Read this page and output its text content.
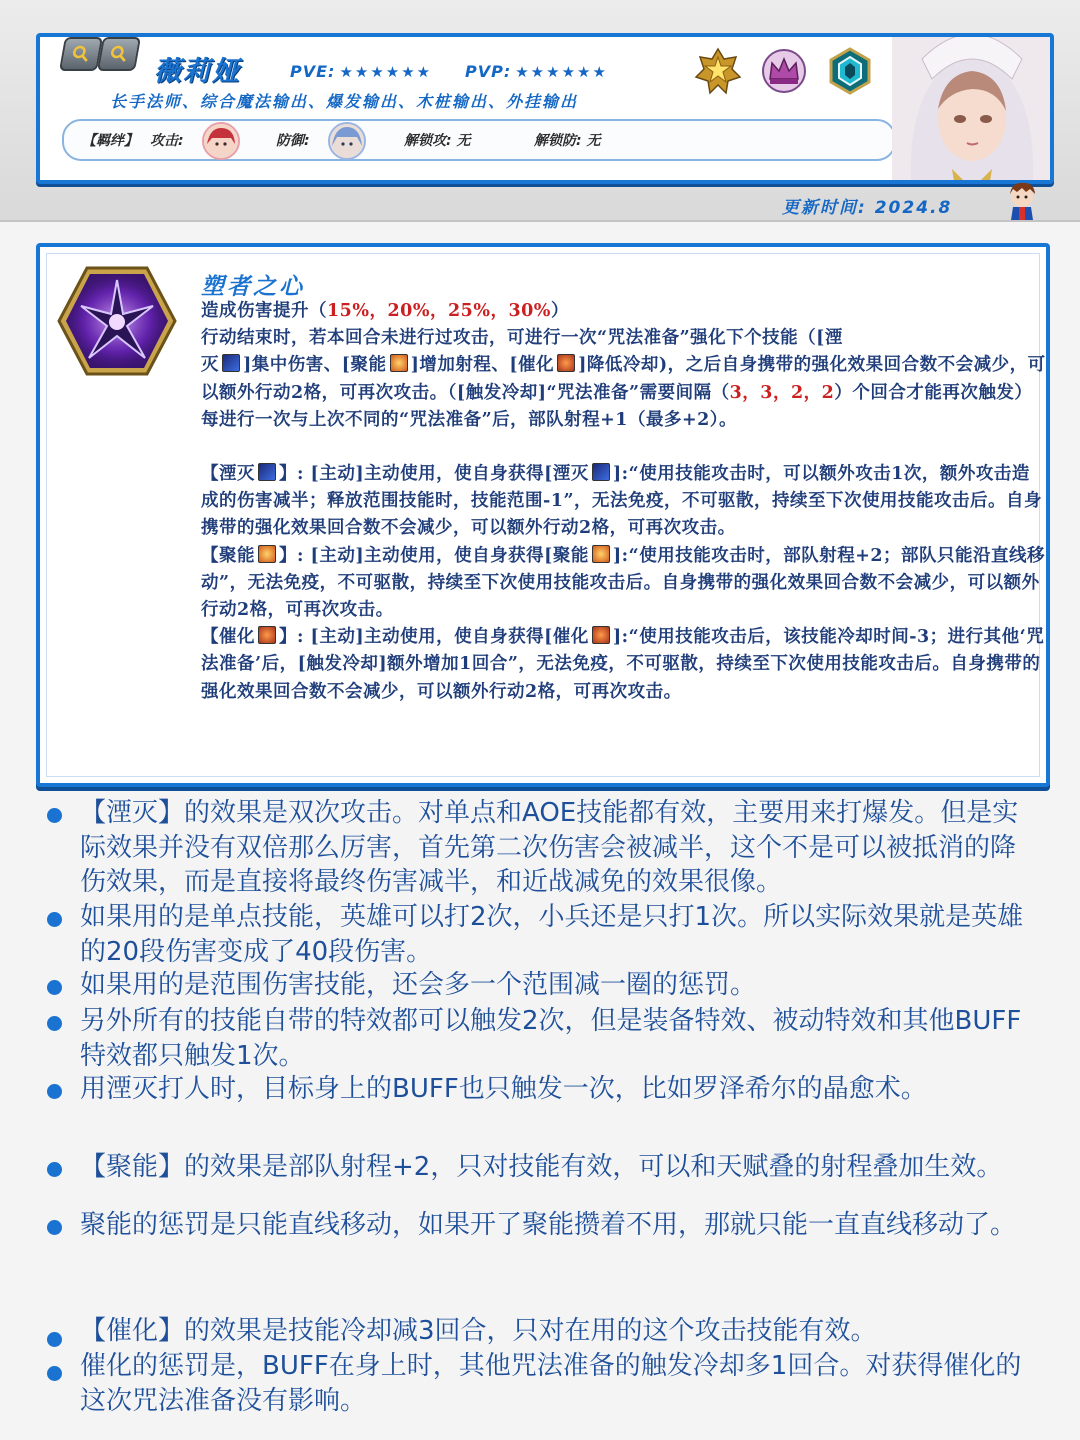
薇莉娅	PVE: ★★★★★★ PVP: ★★★★★★
长手法师、综合魔法输出、爆发输出、木桩输出、外挂输出
【羁绊】 攻击:	防御:	解锁攻: 无	解锁防: 无
更新时间: 2024.8
塑者之心

造成伤害提升（15%，20%，25%，30%）

行动结束时，若本回合未进行过攻击，可进行一次“咒法准备”强化下个技能（[湮
灭 ]集中伤害、[聚能 ]增加射程、[催化 ]降低冷却)，之后自身携带的强化效果回合数不会减少，可以额外行动2格，可再次攻击。（[触发冷却]“咒法准备”需要间隔（3，3，2，2）个回合才能再次触发）每进行一次与上次不同的“咒法准备”后，部队射程+1（最多+2）。

【湮灭 】: [主动]主动使用，使自身获得[湮灭 ]:“使用技能攻击时，可以额外攻击1次，额外攻击造成的伤害减半；释放范围技能时，技能范围-1”，无法免疫，不可驱散，持续至下次使用技能攻击后。自身携带的强化效果回合数不会减少，可以额外行动2格，可再次攻击。

【聚能 】: [主动]主动使用，使自身获得[聚能 ]:“使用技能攻击时，部队射程+2；部队只能沿直线移动”，无法免疫，不可驱散，持续至下次使用技能攻击后。自身携带的强化效果回合数不会减少，可以额外行动2格，可再次攻击。

【催化 】: [主动]主动使用，使自身获得[催化 ]:“使用技能攻击后，该技能冷却时间-3；进行其他‘咒法准备’后，[触发冷却]额外增加1回合”，无法免疫，不可驱散，持续至下次使用技能攻击后。自身携带的强化效果回合数不会减少，可以额外行动2格，可再次攻击。

【湮灭】的效果是双次攻击。对单点和AOE技能都有效，主要用来打爆发。但是实际效果并没有双倍那么厉害，首先第二次伤害会被减半，这个不是可以被抵消的降伤效果，而是直接将最终伤害减半，和近战减免的效果很像。
如果用的是单点技能，英雄可以打2次，小兵还是只打1次。所以实际效果就是英雄的20段伤害变成了40段伤害。
如果用的是范围伤害技能，还会多一个范围减一圈的惩罚。
另外所有的技能自带的特效都可以触发2次，但是装备特效、被动特效和其他BUFF特效都只触发1次。
用湮灭打人时，目标身上的BUFF也只触发一次，比如罗泽希尔的晶愈术。
【聚能】的效果是部队射程+2，只对技能有效，可以和天赋叠的射程叠加生效。
聚能的惩罚是只能直线移动，如果开了聚能攒着不用，那就只能一直直线移动了。
【催化】的效果是技能冷却减3回合，只对在用的这个攻击技能有效。
催化的惩罚是，BUFF在身上时，其他咒法准备的触发冷却多1回合。对获得催化的这次咒法准备没有影响。
